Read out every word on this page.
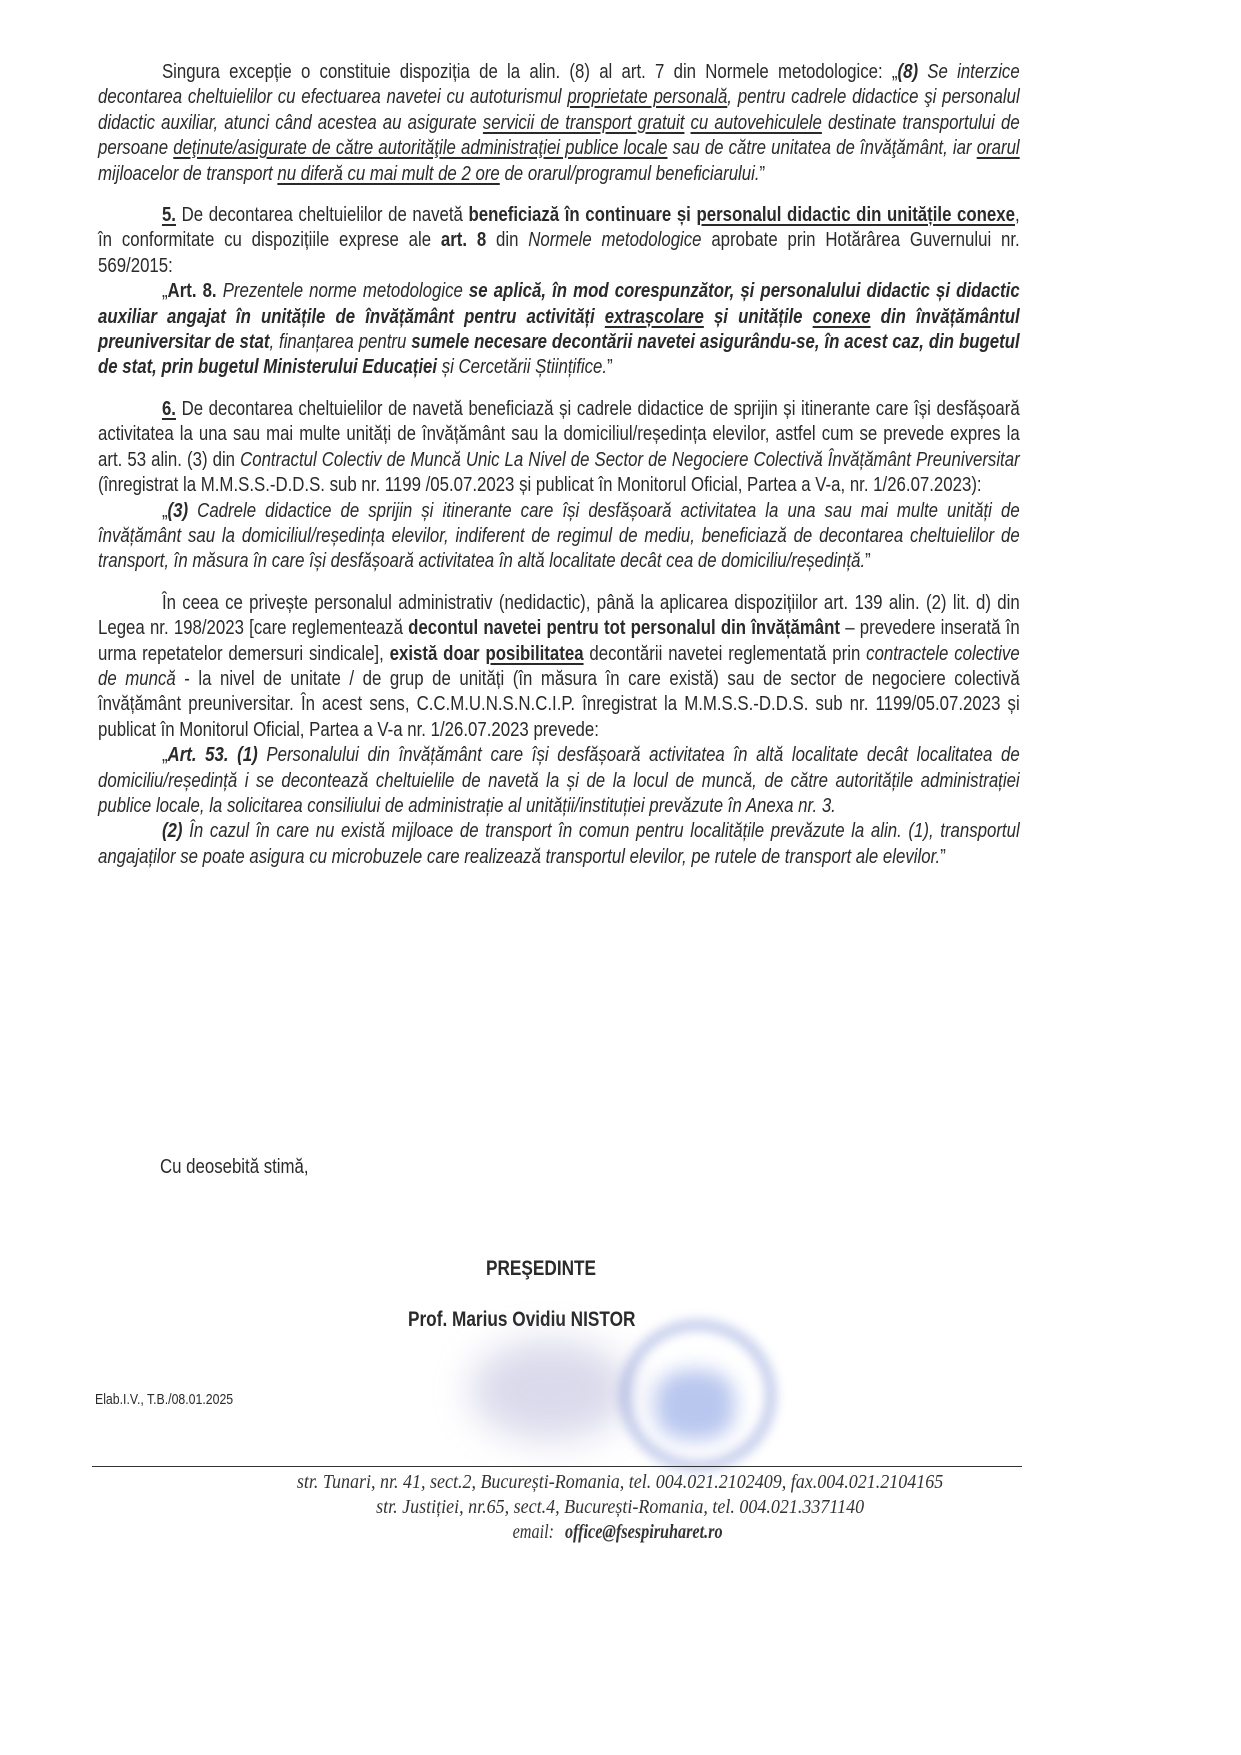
Singura excepție o constituie dispoziția de la alin. (8) al art. 7 din Normele metodologice: „(8) Se interzice decontarea cheltuielilor cu efectuarea navetei cu autoturismul proprietate personală, pentru cadrele didactice şi personalul didactic auxiliar, atunci când acestea au asigurate servicii de transport gratuit cu autovehiculele destinate transportului de persoane deţinute/asigurate de către autorităţile administraţiei publice locale sau de către unitatea de învăţământ, iar orarul mijloacelor de transport nu diferă cu mai mult de 2 ore de orarul/programul beneficiarului.”

5. De decontarea cheltuielilor de navetă beneficiază în continuare și personalul didactic din unitățile conexe, în conformitate cu dispozițiile exprese ale art. 8 din Normele metodologice aprobate prin Hotărârea Guvernului nr. 569/2015:

„Art. 8. Prezentele norme metodologice se aplică, în mod corespunzător, și personalului didactic și didactic auxiliar angajat în unitățile de învățământ pentru activități extrașcolare și unitățile conexe din învățământul preuniversitar de stat, finanțarea pentru sumele necesare decontării navetei asigurându-se, în acest caz, din bugetul de stat, prin bugetul Ministerului Educației și Cercetării Științifice.”

6. De decontarea cheltuielilor de navetă beneficiază și cadrele didactice de sprijin și itinerante care își desfășoară activitatea la una sau mai multe unități de învățământ sau la domiciliul/reședința elevilor, astfel cum se prevede expres la art. 53 alin. (3) din Contractul Colectiv de Muncă Unic La Nivel de Sector de Negociere Colectivă Învățământ Preuniversitar (înregistrat la M.M.S.S.-D.D.S. sub nr. 1199 /05.07.2023 și publicat în Monitorul Oficial, Partea a V-a, nr. 1/26.07.2023):

„(3) Cadrele didactice de sprijin și itinerante care își desfășoară activitatea la una sau mai multe unități de învățământ sau la domiciliul/reședința elevilor, indiferent de regimul de mediu, beneficiază de decontarea cheltuielilor de transport, în măsura în care își desfășoară activitatea în altă localitate decât cea de domiciliu/reședință.”

În ceea ce privește personalul administrativ (nedidactic), până la aplicarea dispozițiilor art. 139 alin. (2) lit. d) din Legea nr. 198/2023 [care reglementează decontul navetei pentru tot personalul din învățământ – prevedere inserată în urma repetatelor demersuri sindicale], există doar posibilitatea decontării navetei reglementată prin contractele colective de muncă - la nivel de unitate / de grup de unități (în măsura în care există) sau de sector de negociere colectivă învățământ preuniversitar. În acest sens, C.C.M.U.N.S.N.C.I.P. înregistrat la M.M.S.S.-D.D.S. sub nr. 1199/05.07.2023 și publicat în Monitorul Oficial, Partea a V-a nr. 1/26.07.2023 prevede:

„Art. 53. (1) Personalului din învățământ care își desfășoară activitatea în altă localitate decât localitatea de domiciliu/reședință i se decontează cheltuielile de navetă la și de la locul de muncă, de către autoritățile administrației publice locale, la solicitarea consiliului de administrație al unității/instituției prevăzute în Anexa nr. 3.

(2) În cazul în care nu există mijloace de transport în comun pentru localitățile prevăzute la alin. (1), transportul angajaților se poate asigura cu microbuzele care realizează transportul elevilor, pe rutele de transport ale elevilor.”

Cu deosebită stimă,
PREŞEDINTE
Prof. Marius Ovidiu NISTOR
Elab.I.V., T.B./08.01.2025
str. Tunari, nr. 41, sect.2, București-Romania, tel. 004.021.2102409, fax.004.021.2104165
str. Justiției, nr.65, sect.4, București-Romania, tel. 004.021.3371140
email:office@fsespiruharet.ro
